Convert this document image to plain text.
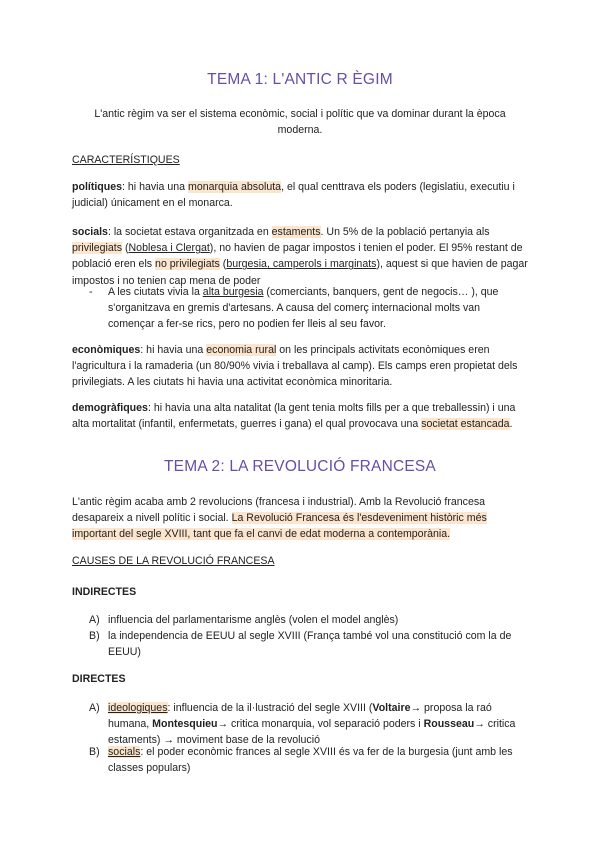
TEMA 1: L'ANTIC R ÈGIM

L'antic règim va ser el sistema econòmic, social i polític que va dominar durant la època moderna.

CARACTERÍSTIQUES

polítiques: hi havia una monarquia absoluta, el qual centtrava els poders (legislatiu, executiu i judicial) únicament en el monarca.

socials: la societat estava organitzada en estaments. Un 5% de la població pertanyia als privilegiats (Noblesa i Clergat), no havien de pagar impostos i tenien el poder. El 95% restant de població eren els no privilegiats (burgesia, camperols i marginats), aquest si que havien de pagar impostos i no tenien cap mena de poder

- A les ciutats vivia la alta burgesia (comerciants, banquers, gent de negocis… ), que s'organitzava en gremis d'artesans. A causa del comerç internacional molts van començar a fer-se rics, pero no podien fer lleis al seu favor.

econòmiques: hi havia una economia rural on les principals activitats econòmiques eren l'agricultura i la ramaderia (un 80/90% vivia i treballava al camp). Els camps eren propietat dels privilegiats. A les ciutats hi havia una activitat econòmica minoritaria.

demogràfiques: hi havia una alta natalitat (la gent tenia molts fills per a que treballessin) i una alta mortalitat (infantil, enfermetats, guerres i gana) el qual provocava una societat estancada.

TEMA 2: LA REVOLUCIÓ FRANCESA

L'antic règim acaba amb 2 revolucions (francesa i industrial). Amb la Revolució francesa desapareix a nivell polític i social. La Revolució Francesa és l'esdeveniment històric més important del segle XVIII, tant que fa el canvi de edat moderna a contemporània.

CAUSES DE LA REVOLUCIÓ FRANCESA

INDIRECTES

A) influencia del parlamentarisme anglès (volen el model anglès)

B) la independencia de EEUU al segle XVIII (França també vol una constitució com la de EEUU)

DIRECTES

A) ideologiques: influencia de la il·lustració del segle XVIII (Voltaire→ proposa la raó humana, Montesquieu→ critica monarquia, vol separació poders i Rousseau→ critica estaments) → moviment base de la revolució

B) socials: el poder econòmic frances al segle XVIII és va fer de la burgesia (junt amb les classes populars)
